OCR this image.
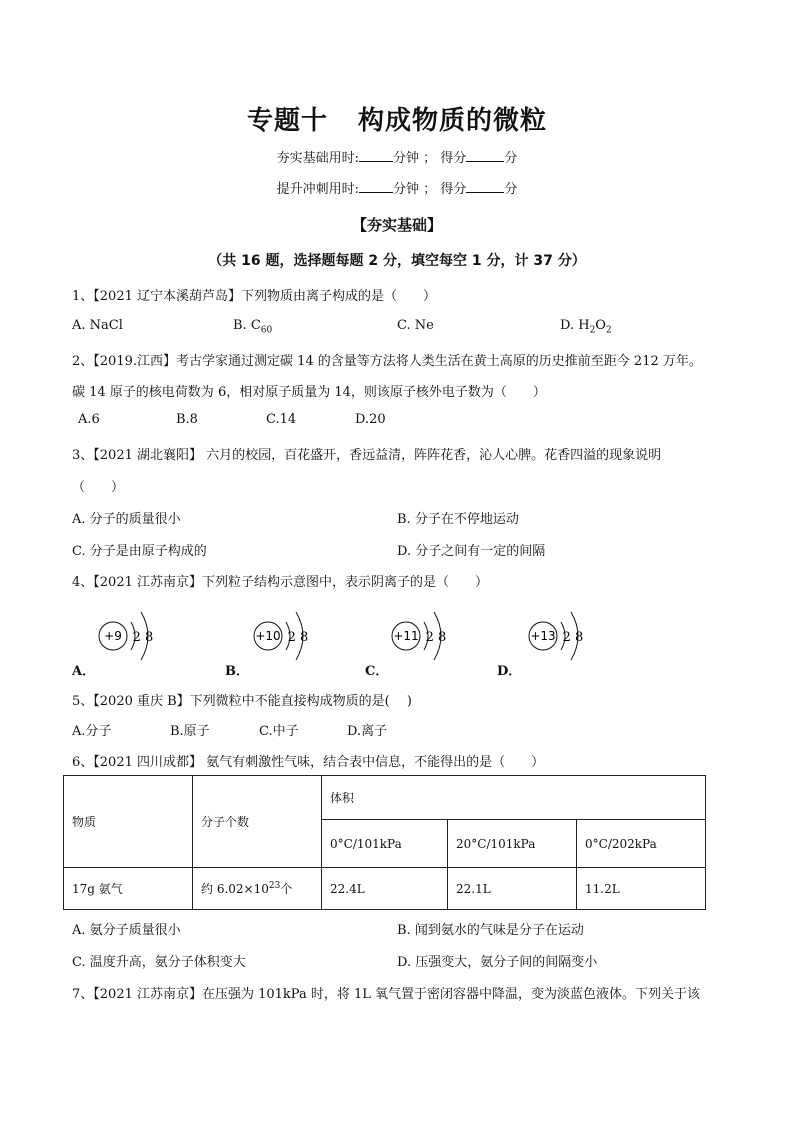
专题十 构成物质的微粒
夯实基础用时:	分钟 ； 得分	分
提升冲刺用时:	分钟 ； 得分	分
【夯实基础】
（共 16 题，选择题每题 2 分，填空每空 1 分，计 37 分）
1、【2021 辽宁本溪葫芦岛】下列物质由离子构成的是（　　）
A. NaCl	B. $C_{60}$	C. Ne	D. $H_2O_2$
2、【2019.江西】考古学家通过测定碳 14 的含量等方法将人类生活在黄土高原的历史推前至距今 212 万年。
碳 14 原子的核电荷数为 6，相对原子质量为 14，则该原子核外电子数为（　　）
A.6	B.8	C.14	D.20
3、【2021 湖北襄阳】 六月的校园，百花盛开，香远益清，阵阵花香，沁人心脾。花香四溢的现象说明
（　　）
A. 分子的质量很小	B. 分子在不停地运动
C. 分子是由原子构成的	D. 分子之间有一定的间隔
4、【2021 江苏南京】下列粒子结构示意图中，表示阴离子的是（　　）
+9 2 8
A．
+10 2 8
B．
+11 2 8
C．
+13 2 8
D．
5、【2020 重庆 B】下列微粒中不能直接构成物质的是(　 )
A.分子	B.原子	C.中子	D.离子
6、【2021 四川成都】 氨气有刺激性气味，结合表中信息，不能得出的是（　　）
物质	分子个数	体积		
		0°C/101kPa	20°C/101kPa	0°C/202kPa
17g 氨气	约 $6.02\times 10^{23}$个	22.4L	22.1L	11.2L
A. 氨分子质量很小	B. 闻到氨水的气味是分子在运动
C. 温度升高，氨分子体积变大	D. 压强变大，氨分子间的间隔变小
7、【2021 江苏南京】在压强为 101kPa 时，将 1L 氧气置于密闭容器中降温，变为淡蓝色液体。下列关于该
